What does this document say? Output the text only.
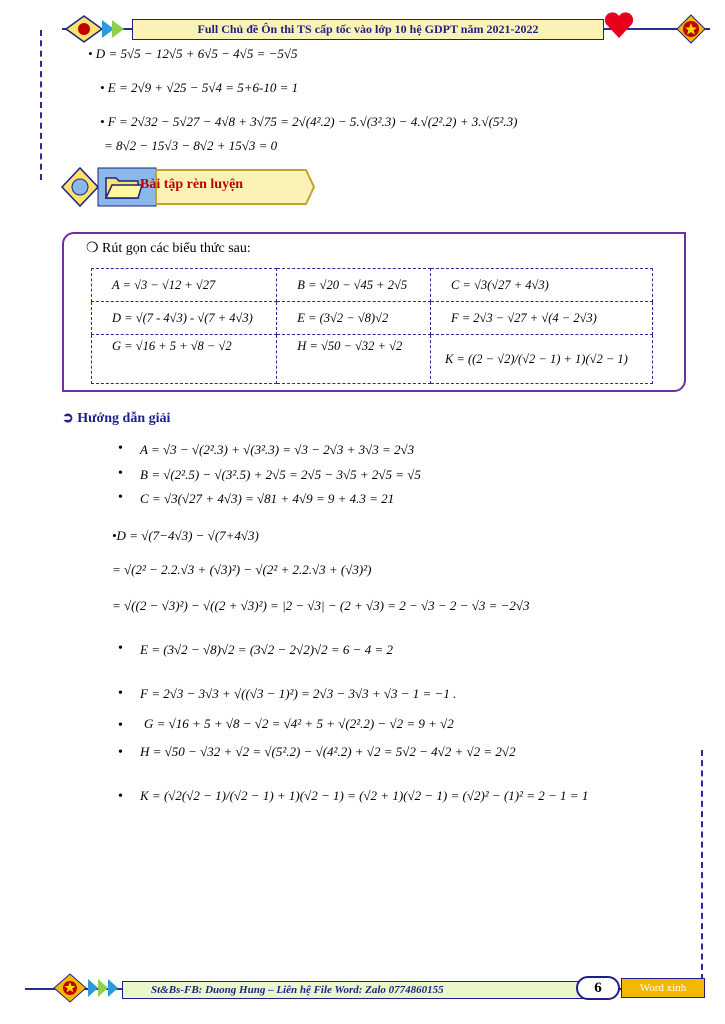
Full Chủ đề Ôn thi TS cấp tốc vào lớp 10 hệ GDPT năm 2021-2022
• D = 5√5 − 12√5 + 6√5 − 4√5 = −5√5
• E = 2√9 + √25 − 5√4 = 5+6-10 = 1
• F = 2√32 − 5√27 − 4√8 + 3√75 = 2√(4².2) − 5.√(3².3) − 4.√(2².2) + 3.√(5².3)
= 8√2 − 15√3 − 8√2 + 15√3 = 0
Bài tập rèn luyện
❍ Rút gọn các biểu thức sau:
A = √3 − √12 + √27	B = √20 − √45 + 2√5	C = √3(√27 + 4√3)
D = √(7 - 4√3) - √(7 + 4√3)	E = (3√2 − √8)√2	F = 2√3 − √27 + √(4 − 2√3)
G = √16 + 5 + √8 − √2	H = √50 − √32 + √2	K = ((2 − √2)/(√2 − 1) + 1)(√2 − 1)
➲ Hướng dẫn giải
• A = √3 − √(2².3) + √(3².3) = √3 − 2√3 + 3√3 = 2√3
• B = √(2².5) − √(3².5) + 2√5 = 2√5 − 3√5 + 2√5 = √5
• C = √3(√27 + 4√3) = √81 + 4√9 = 9 + 4.3 = 21
•D = √(7−4√3) − √(7+4√3)
= √(2² − 2.2.√3 + (√3)²) − √(2² + 2.2.√3 + (√3)²)
= √((2 − √3)²) − √((2 + √3)²) = |2 − √3| − (2 + √3) = 2 − √3 − 2 − √3 = −2√3
• E = (3√2 − √8)√2 = (3√2 − 2√2)√2 = 6 − 4 = 2
• F = 2√3 − 3√3 + √((√3 − 1)²) = 2√3 − 3√3 + √3 − 1 = −1 .
• G = √16 + 5 + √8 − √2 = √4² + 5 + √(2².2) − √2 = 9 + √2
• H = √50 − √32 + √2 = √(5².2) − √(4².2) + √2 = 5√2 − 4√2 + √2 = 2√2
• K = (√2(√2 − 1)/(√2 − 1) + 1)(√2 − 1) = (√2 + 1)(√2 − 1) = (√2)² − (1)² = 2 − 1 = 1
St&Bs-FB: Duong Hung – Liên hệ File Word: Zalo 0774860155	6	Word xinh
